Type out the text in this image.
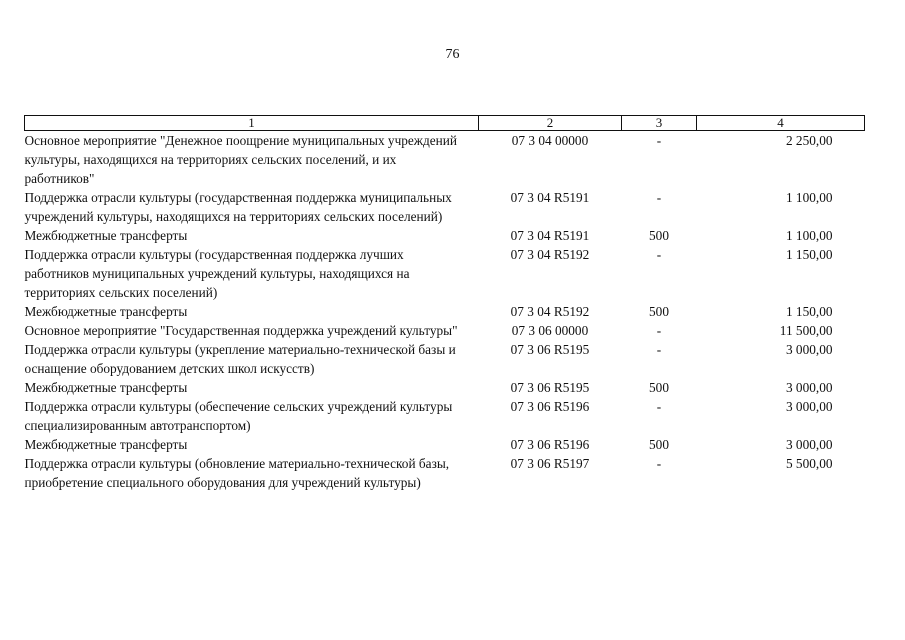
76
1	2	3	4
Основное мероприятие "Денежное поощрение муниципальных учреждений культуры, находящихся на территориях сельских поселений, и их работников"	07 3 04 00000	-	2 250,00
Поддержка отрасли культуры (государственная поддержка муниципальных учреждений культуры, находящихся на территориях сельских поселений)	07 3 04 R5191	-	1 100,00
Межбюджетные трансферты	07 3 04 R5191	500	1 100,00
Поддержка отрасли культуры (государственная поддержка лучших работников муниципальных учреждений культуры, находящихся на территориях сельских поселений)	07 3 04 R5192	-	1 150,00
Межбюджетные трансферты	07 3 04 R5192	500	1 150,00
Основное мероприятие "Государственная поддержка учреждений культуры"	07 3 06 00000	-	11 500,00
Поддержка отрасли культуры (укрепление материально-технической базы и оснащение оборудованием детских школ искусств)	07 3 06 R5195	-	3 000,00
Межбюджетные трансферты	07 3 06 R5195	500	3 000,00
Поддержка отрасли культуры (обеспечение сельских учреждений культуры специализированным автотранспортом)	07 3 06 R5196	-	3 000,00
Межбюджетные трансферты	07 3 06 R5196	500	3 000,00
Поддержка отрасли культуры (обновление материально-технической базы, приобретение специального оборудования для учреждений культуры)	07 3 06 R5197	-	5 500,00
